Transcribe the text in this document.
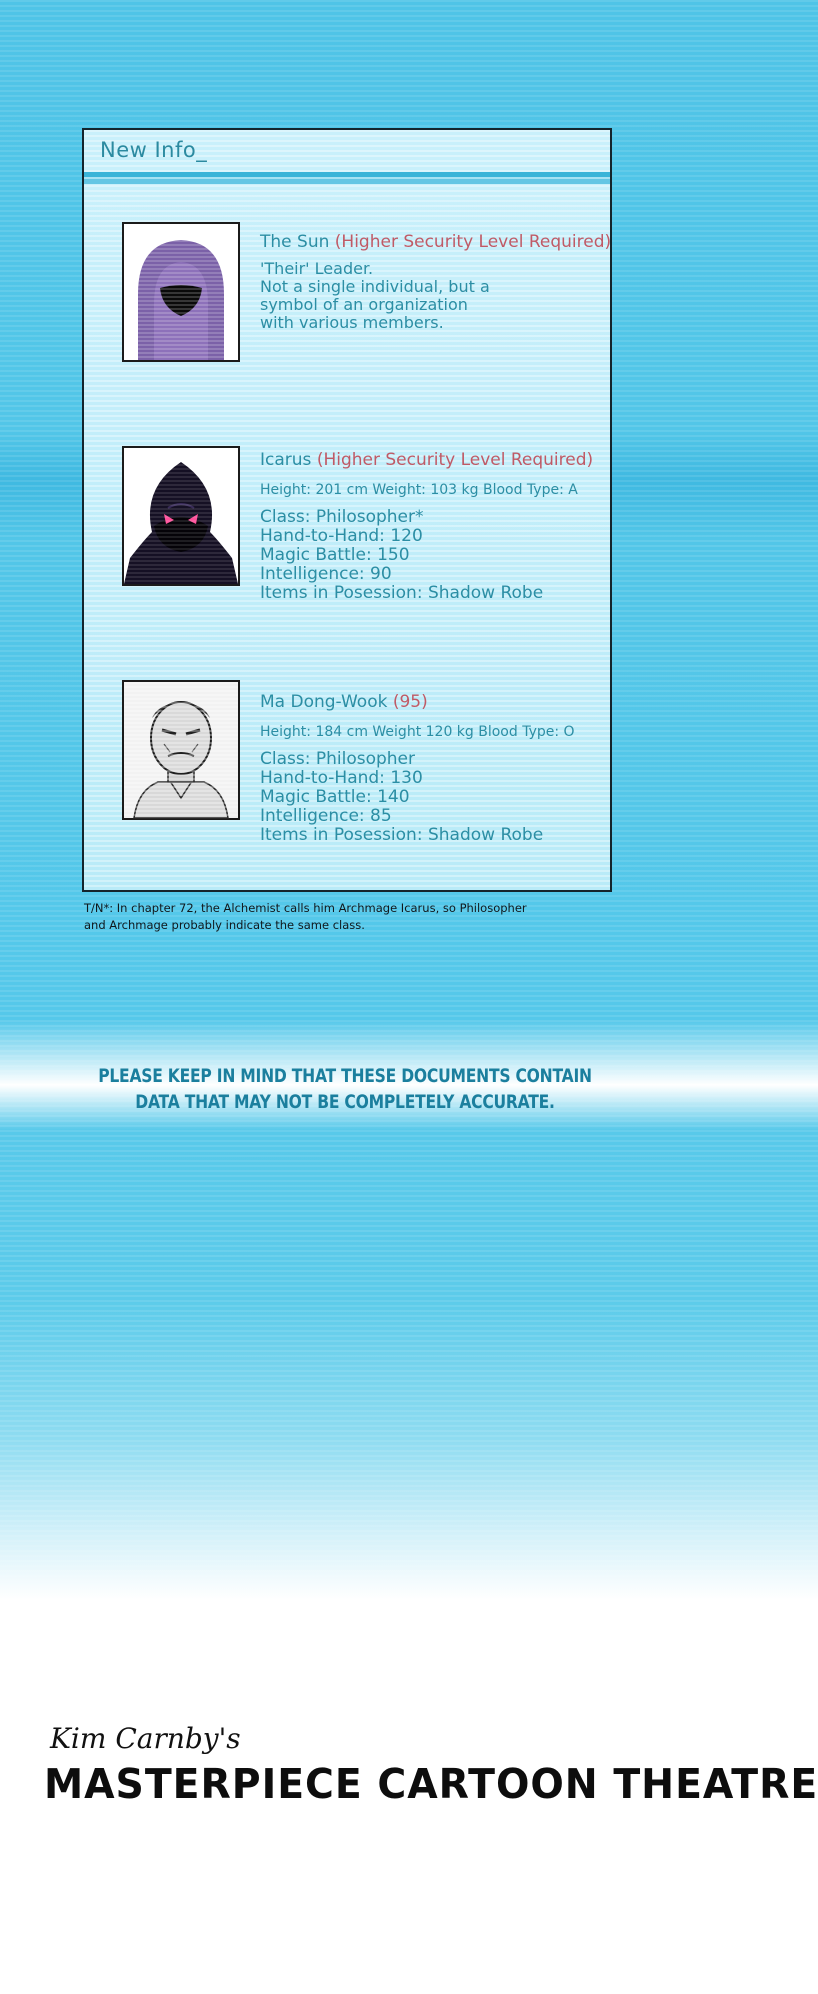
New Info_

The Sun (Higher Security Level Required)

'Their' Leader.
Not a single individual, but a
symbol of an organization
with various members.

Icarus (Higher Security Level Required)

Height: 201 cm Weight: 103 kg Blood Type: A
Class: Philosopher*
Hand-to-Hand: 120
Magic Battle: 150
Intelligence: 90
Items in Posession: Shadow Robe

Ma Dong-Wook (95)

Height: 184 cm Weight 120 kg Blood Type: O
Class: Philosopher
Hand-to-Hand: 130
Magic Battle: 140
Intelligence: 85
Items in Posession: Shadow Robe
T/N*: In chapter 72, the Alchemist calls him Archmage Icarus, so Philosopher
and Archmage probably indicate the same class.
PLEASE KEEP IN MIND THAT THESE DOCUMENTS CONTAIN
DATA THAT MAY NOT BE COMPLETELY ACCURATE.
Kim Carnby's
MASTERPIECE CARTOON THEATRE
